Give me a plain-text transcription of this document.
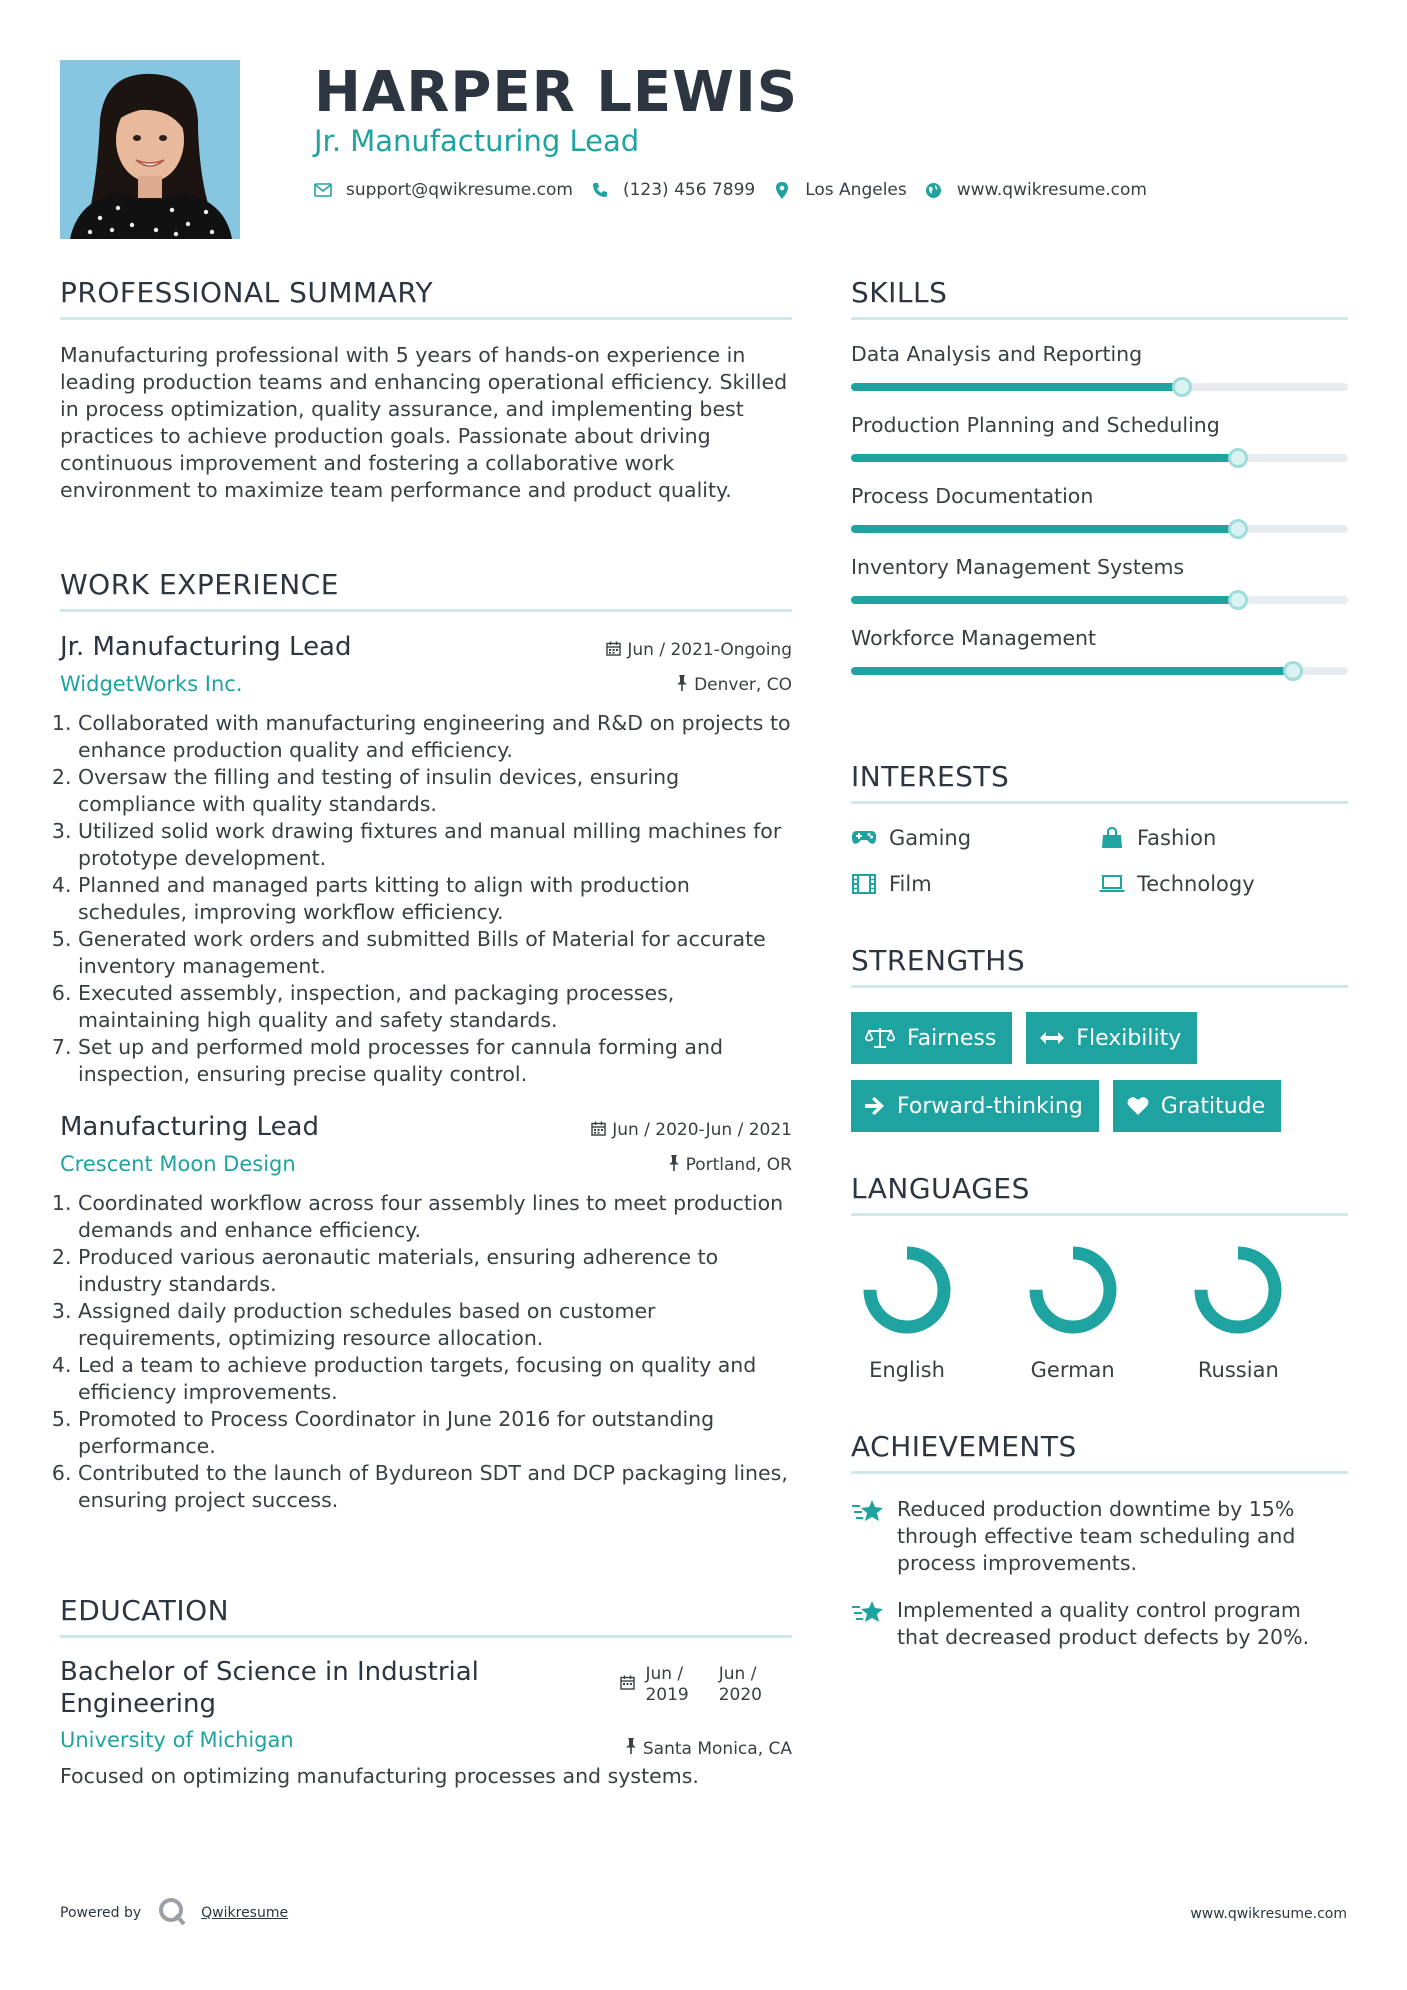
HARPER LEWIS
Jr. Manufacturing Lead
support@qwikresume.com	(123) 456 7899	Los Angeles	www.qwikresume.com
PROFESSIONAL SUMMARY

Manufacturing professional with 5 years of hands-on experience in leading production teams and enhancing operational efficiency. Skilled in process optimization, quality assurance, and implementing best practices to achieve production goals. Passionate about driving continuous improvement and fostering a collaborative work environment to maximize team performance and product quality.

WORK EXPERIENCE
Jr. Manufacturing Lead	Jun / 2021-Ongoing
WidgetWorks Inc.	Denver, CO
1. Collaborated with manufacturing engineering and R&D on projects to enhance production quality and efficiency.
2. Oversaw the filling and testing of insulin devices, ensuring compliance with quality standards.
3. Utilized solid work drawing fixtures and manual milling machines for prototype development.
4. Planned and managed parts kitting to align with production schedules, improving workflow efficiency.
5. Generated work orders and submitted Bills of Material for accurate inventory management.
6. Executed assembly, inspection, and packaging processes, maintaining high quality and safety standards.
7. Set up and performed mold processes for cannula forming and inspection, ensuring precise quality control.
Manufacturing Lead	Jun / 2020-Jun / 2021
Crescent Moon Design	Portland, OR
1. Coordinated workflow across four assembly lines to meet production demands and enhance efficiency.
2. Produced various aeronautic materials, ensuring adherence to industry standards.
3. Assigned daily production schedules based on customer requirements, optimizing resource allocation.
4. Led a team to achieve production targets, focusing on quality and efficiency improvements.
5. Promoted to Process Coordinator in June 2016 for outstanding performance.
6. Contributed to the launch of Bydureon SDT and DCP packaging lines, ensuring project success.
EDUCATION
Bachelor of Science in Industrial Engineering
Jun /
2019
Jun /
2020
University of Michigan	Santa Monica, CA
Focused on optimizing manufacturing processes and systems.
SKILLS
Data Analysis and Reporting
Production Planning and Scheduling
Process Documentation
Inventory Management Systems
Workforce Management
INTERESTS
Gaming	Fashion
Film	Technology
STRENGTHS
Fairness	Flexibility
Forward-thinking	Gratitude
LANGUAGES
English	German	Russian
ACHIEVEMENTS
Reduced production downtime by 15% through effective team scheduling and process improvements.
Implemented a quality control program that decreased product defects by 20%.
Powered by	Qwikresume	www.qwikresume.com
